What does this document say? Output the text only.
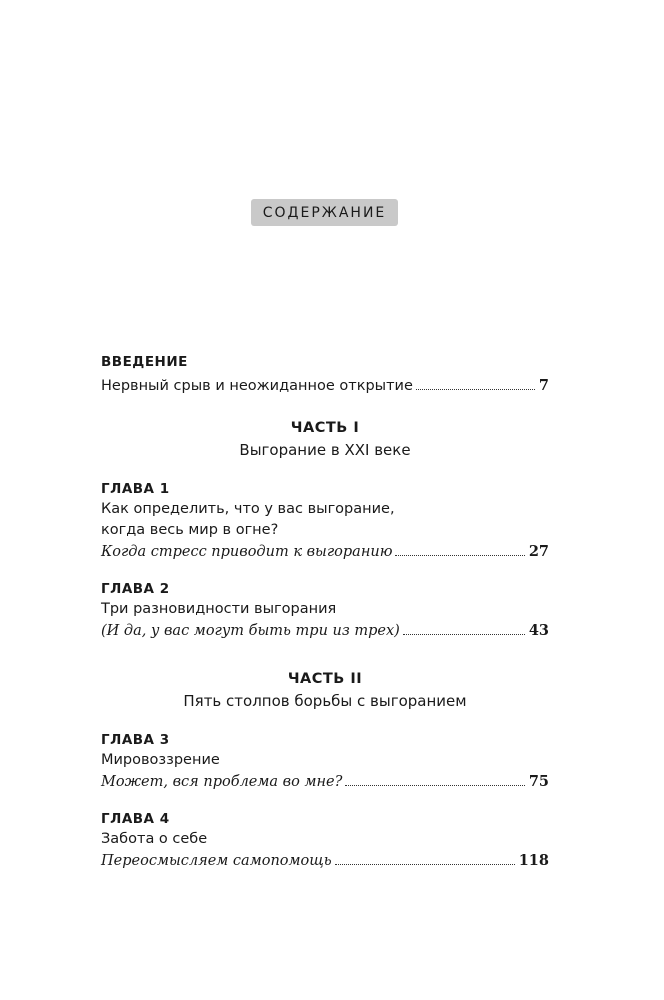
СОДЕРЖАНИЕ
ВВЕДЕНИЕ
Нервный срыв и неожиданное открытие	7
ЧАСТЬ I
Выгорание в XXI веке
ГЛАВА 1
Как определить, что у вас выгорание,
когда весь мир в огне?
Когда стресс приводит к выгоранию	27
ГЛАВА 2
Три разновидности выгорания
(И да, у вас могут быть три из трех)	43
ЧАСТЬ II
Пять столпов борьбы с выгоранием
ГЛАВА 3
Мировоззрение
Может, вся проблема во мне?	75
ГЛАВА 4
Забота о себе
Переосмысляем самопомощь	118
